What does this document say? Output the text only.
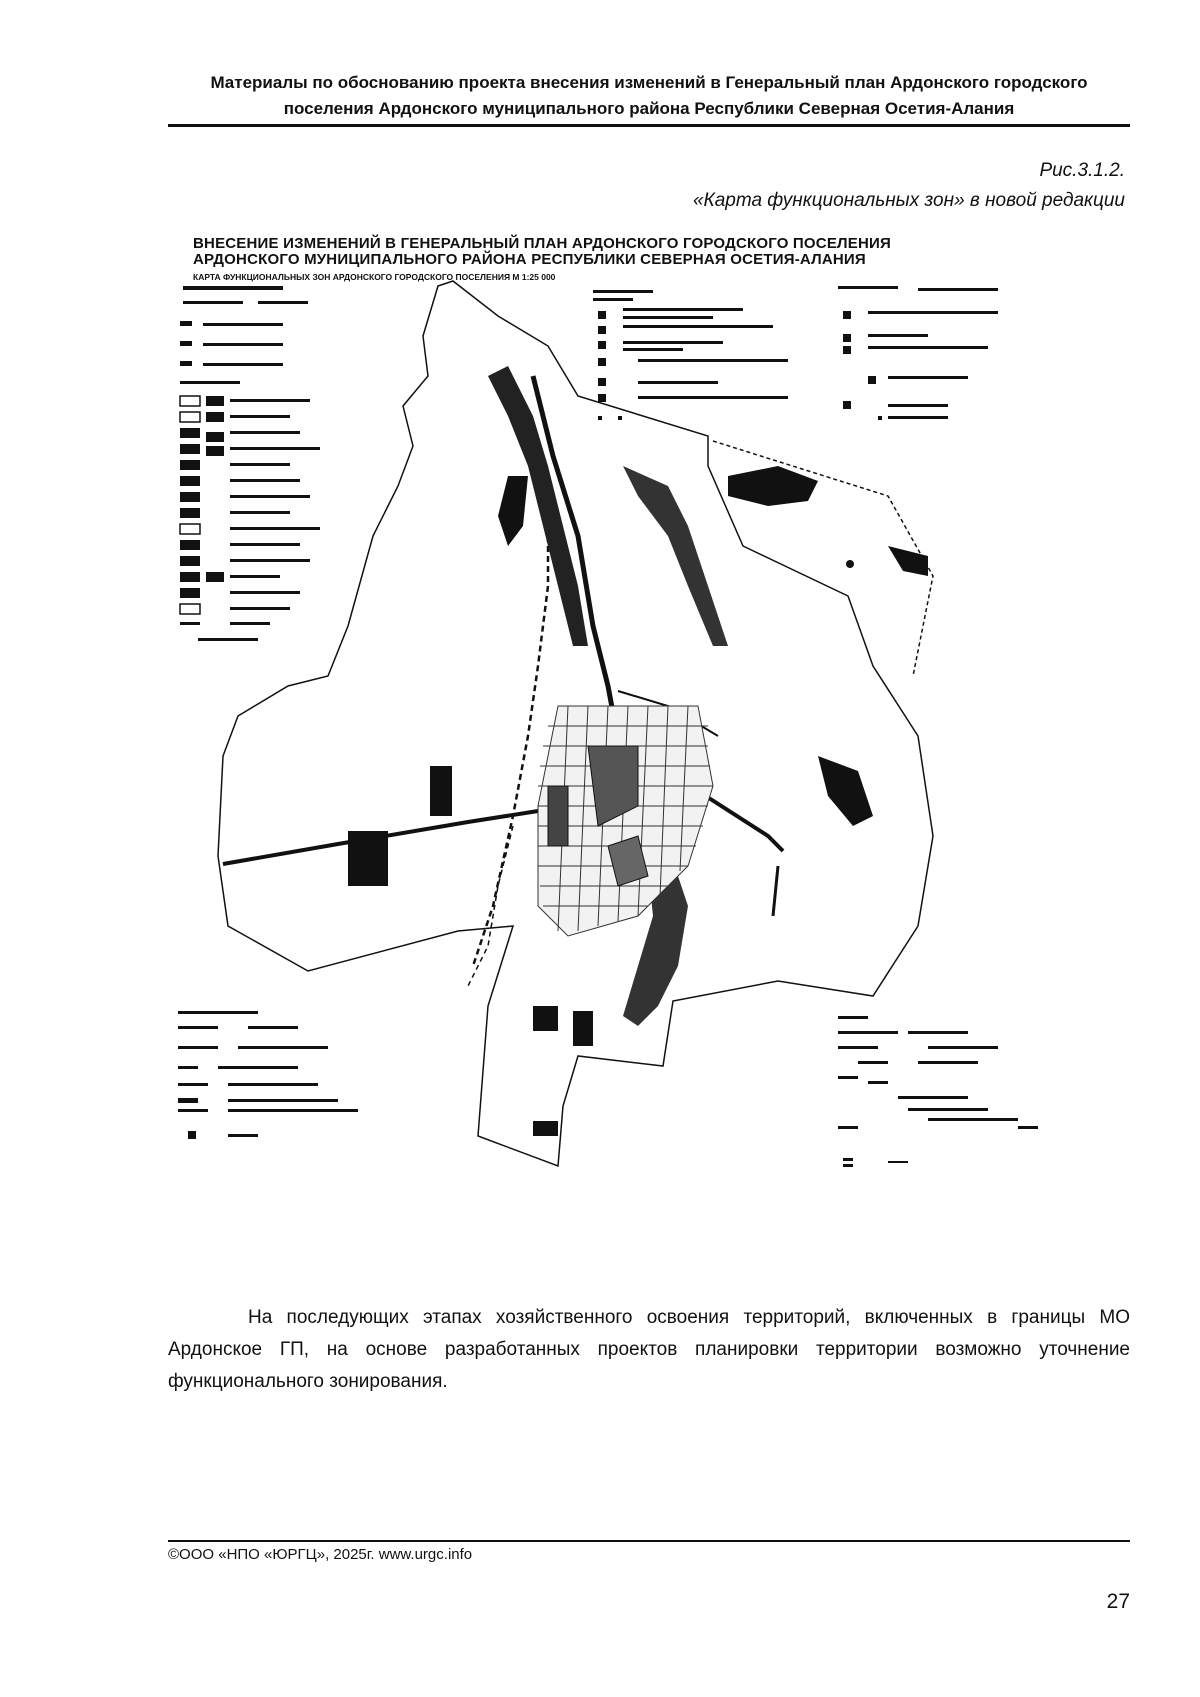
Материалы по обоснованию проекта внесения изменений в Генеральный план Ардонского городского
поселения Ардонского муниципального района Республики Северная Осетия-Алания
Рис.3.1.2.
«Карта функциональных зон» в новой редакции
ВНЕСЕНИЕ ИЗМЕНЕНИЙ В ГЕНЕРАЛЬНЫЙ ПЛАН АРДОНСКОГО ГОРОДСКОГО ПОСЕЛЕНИЯ
АРДОНСКОГО МУНИЦИПАЛЬНОГО РАЙОНА РЕСПУБЛИКИ СЕВЕРНАЯ ОСЕТИЯ-АЛАНИЯ
КАРТА ФУНКЦИОНАЛЬНЫХ ЗОН АРДОНСКОГО ГОРОДСКОГО ПОСЕЛЕНИЯ М 1:25 000
На последующих этапах хозяйственного освоения территорий, включенных в границы МО Ардонское ГП, на основе разработанных проектов планировки территории возможно уточнение функционального зонирования.
©ООО «НПО «ЮРГЦ», 2025г. www.urgc.info
27
